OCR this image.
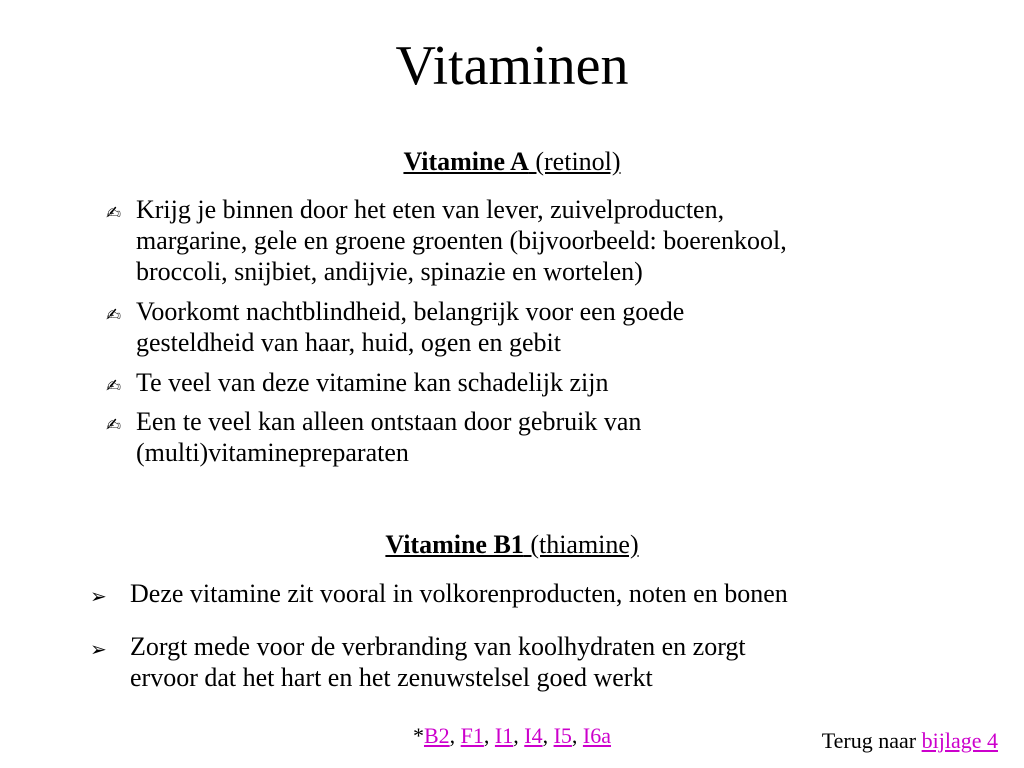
Vitaminen
Vitamine A (retinol)
✍ Krijg je binnen door het eten van lever, zuivelproducten,
margarine, gele en groene groenten (bijvoorbeeld: boerenkool,
broccoli, snijbiet, andijvie, spinazie en wortelen)
✍ Voorkomt nachtblindheid, belangrijk voor een goede
gesteldheid van haar, huid, ogen en gebit
✍ Te veel van deze vitamine kan schadelijk zijn
✍ Een te veel kan alleen ontstaan door gebruik van
(multi)vitaminepreparaten
Vitamine B1 (thiamine)
➢ Deze vitamine zit vooral in volkorenproducten, noten en bonen
➢ Zorgt mede voor de verbranding van koolhydraten en zorgt
ervoor dat het hart en het zenuwstelsel goed werkt
*B2, F1, I1, I4, I5, I6a	Terug naar bijlage 4
